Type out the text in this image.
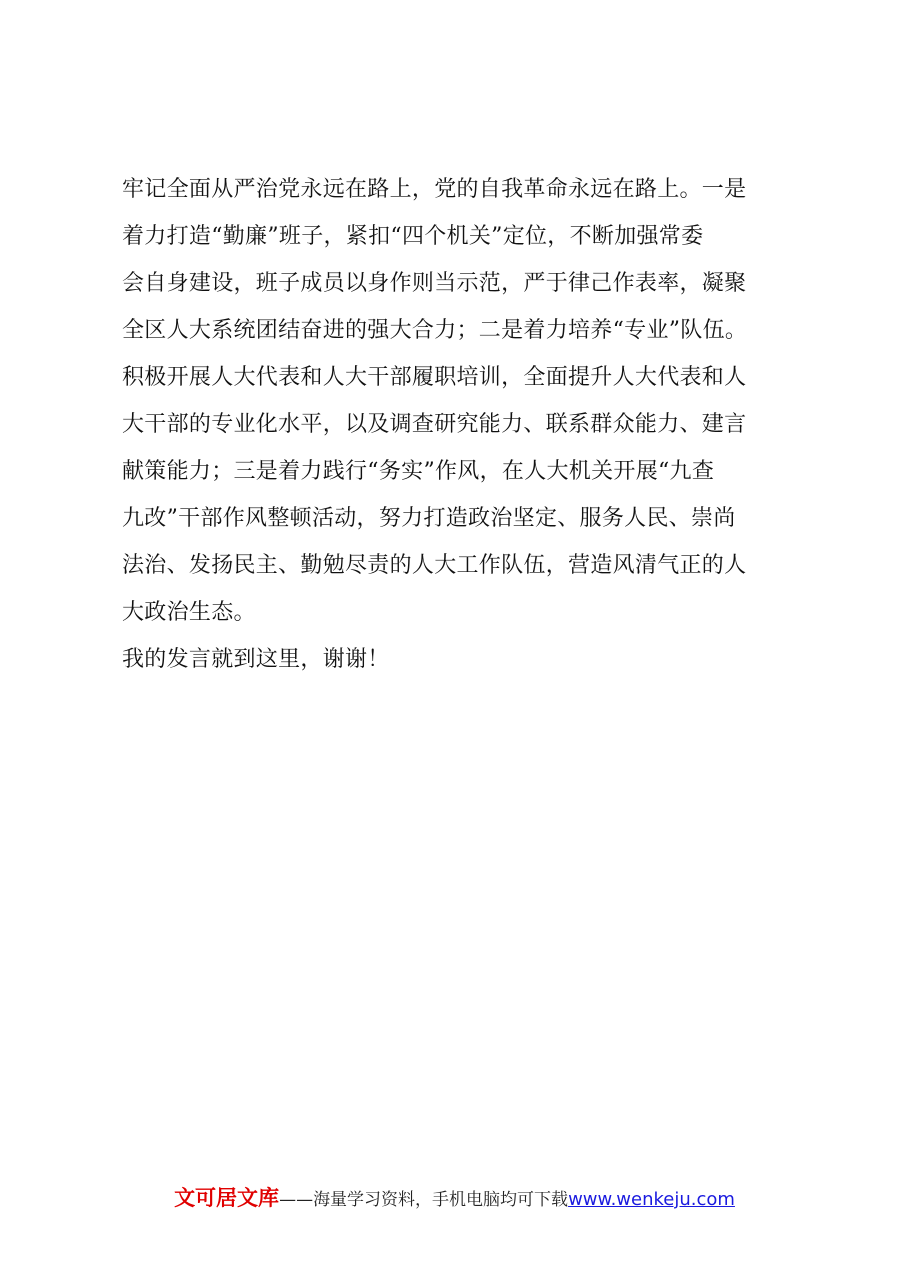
牢记全面从严治党永远在路上，党的自我革命永远在路上。一是
着力打造“勤廉”班子，紧扣“四个机关”定位，不断加强常委
会自身建设，班子成员以身作则当示范，严于律己作表率，凝聚
全区人大系统团结奋进的强大合力；二是着力培养“专业”队伍。
积极开展人大代表和人大干部履职培训，全面提升人大代表和人
大干部的专业化水平，以及调查研究能力、联系群众能力、建言
献策能力；三是着力践行“务实”作风，在人大机关开展“九查
九改”干部作风整顿活动，努力打造政治坚定、服务人民、崇尚
法治、发扬民主、勤勉尽责的人大工作队伍，营造风清气正的人
大政治生态。
我的发言就到这里，谢谢！
文可居文库——海量学习资料，手机电脑均可下载www.wenkeju.com
